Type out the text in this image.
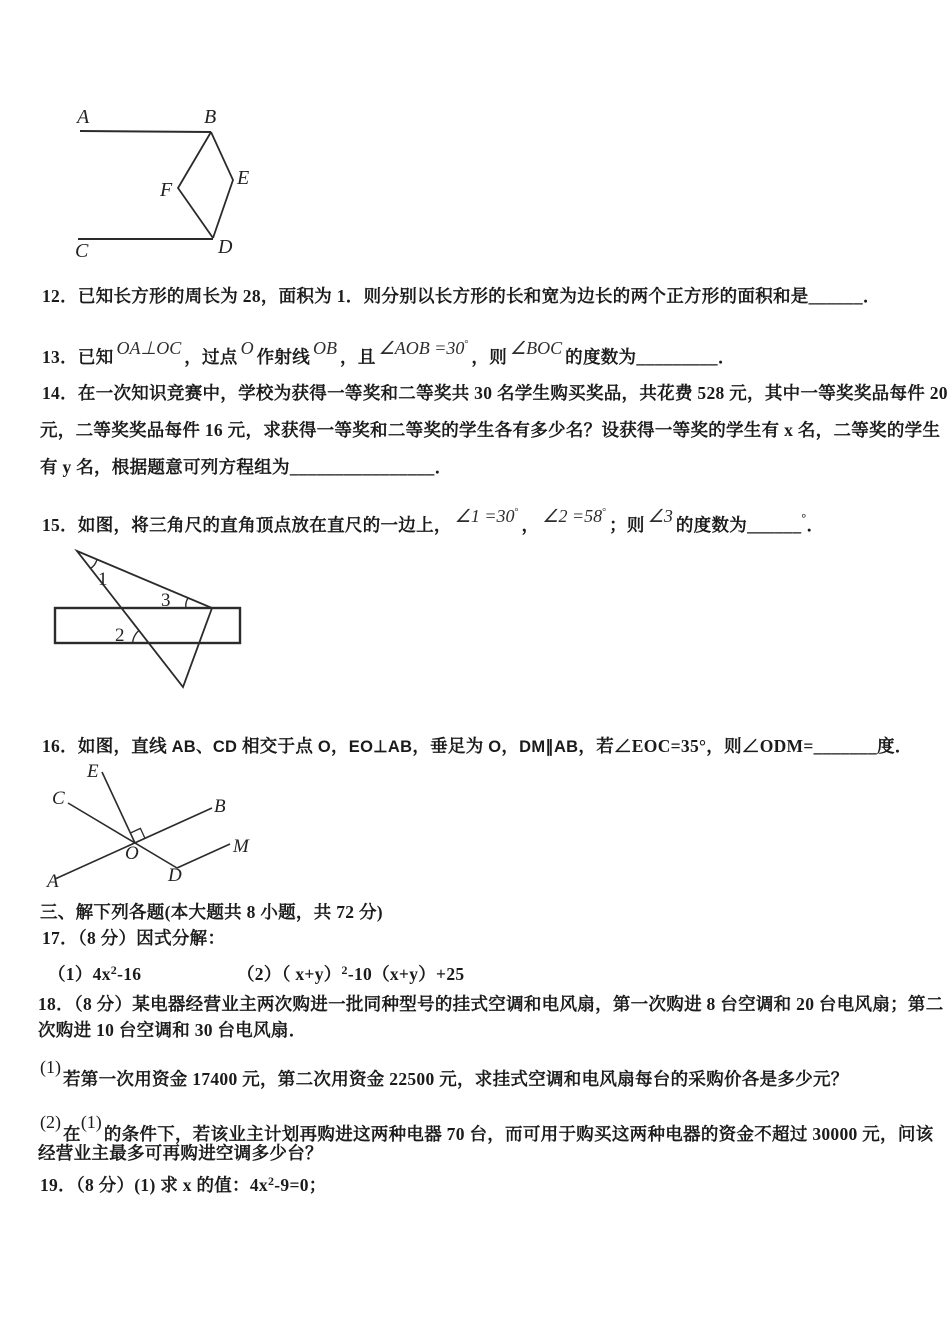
A	B
C	D
E
F
12．已知长方形的周长为 28，面积为 1．则分别以长方形的长和宽为边长的两个正方形的面积和是______．
13．已知 OA⊥OC ，过点 O 作射线 OB ，且 ∠AOB =30°，则 ∠BOC 的度数为_________．
14．在一次知识竞赛中，学校为获得一等奖和二等奖共 30 名学生购买奖品，共花费 528 元，其中一等奖奖品每件 20
元，二等奖奖品每件 16 元，求获得一等奖和二等奖的学生各有多少名？设获得一等奖的学生有 x 名，二等奖的学生
有 y 名，根据题意可列方程组为________________．
15．如图，将三角尺的直角顶点放在直尺的一边上， ∠1 =30°， ∠2 =58°；则 ∠3 的度数为______°．
1
3
2
16．如图，直线 AB、CD 相交于点 O，EO⊥AB，垂足为 O，DM∥AB，若∠EOC=35°，则∠ODM=_______度．
E
C	B
O	M
A	D
三、解下列各题(本大题共 8 小题，共 72 分)
17．（8 分）因式分解：
$(1)4x^2-16$	（2）（ x+y）$^2$-10（x+y）+25
18．（8 分）某电器经营业主两次购进一批同种型号的挂式空调和电风扇，第一次购进 8 台空调和 20 台电风扇；第二
次购进 10 台空调和 30 台电风扇．
(1)若第一次用资金 17400 元，第二次用资金 22500 元，求挂式空调和电风扇每台的采购价各是多少元？
(2)在(1)的条件下，若该业主计划再购进这两种电器 70 台，而可用于购买这两种电器的资金不超过 30000 元，问该
经营业主最多可再购进空调多少台？
19．（8 分）(1) 求 x 的值：$4x^2-9=0$；
